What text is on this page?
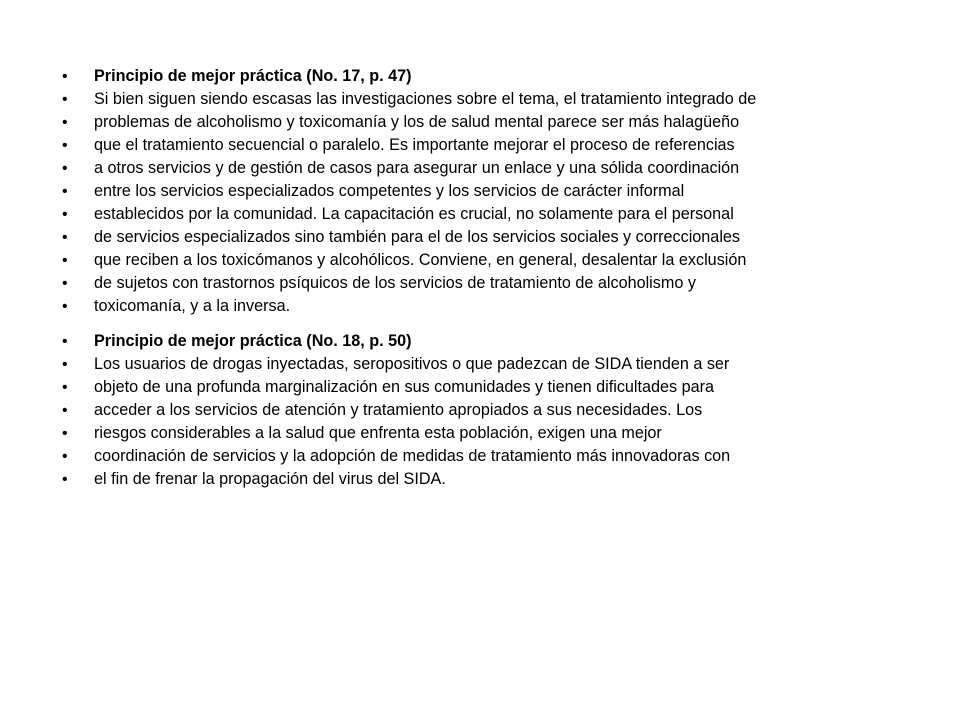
•	Principio de mejor práctica (No. 17, p. 47)
•	Si bien siguen siendo escasas las investigaciones sobre el tema, el tratamiento integrado de
•	problemas de alcoholismo y toxicomanía y los de salud mental parece ser más halagüeño
•	que el tratamiento secuencial o paralelo. Es importante mejorar el proceso de referencias
•	a otros servicios y de gestión de casos para asegurar un enlace y una sólida coordinación
•	entre los servicios especializados competentes y los servicios de carácter informal
•	establecidos por la comunidad. La capacitación es crucial, no solamente para el personal
•	de servicios especializados sino también para el de los servicios sociales y correccionales
•	que reciben a los toxicómanos y alcohólicos. Conviene, en general, desalentar la exclusión
•	de sujetos con trastornos psíquicos de los servicios de tratamiento de alcoholismo y
•	toxicomanía, y a la inversa.
•	Principio de mejor práctica (No. 18, p. 50)
•	Los usuarios de drogas inyectadas, seropositivos o que padezcan de SIDA tienden a ser
•	objeto de una profunda marginalización en sus comunidades y tienen dificultades para
•	acceder a los servicios de atención y tratamiento apropiados a sus necesidades. Los
•	riesgos considerables a la salud que enfrenta esta población, exigen una mejor
•	coordinación de servicios y la adopción de medidas de tratamiento más innovadoras con
•	el fin de frenar la propagación del virus del SIDA.
